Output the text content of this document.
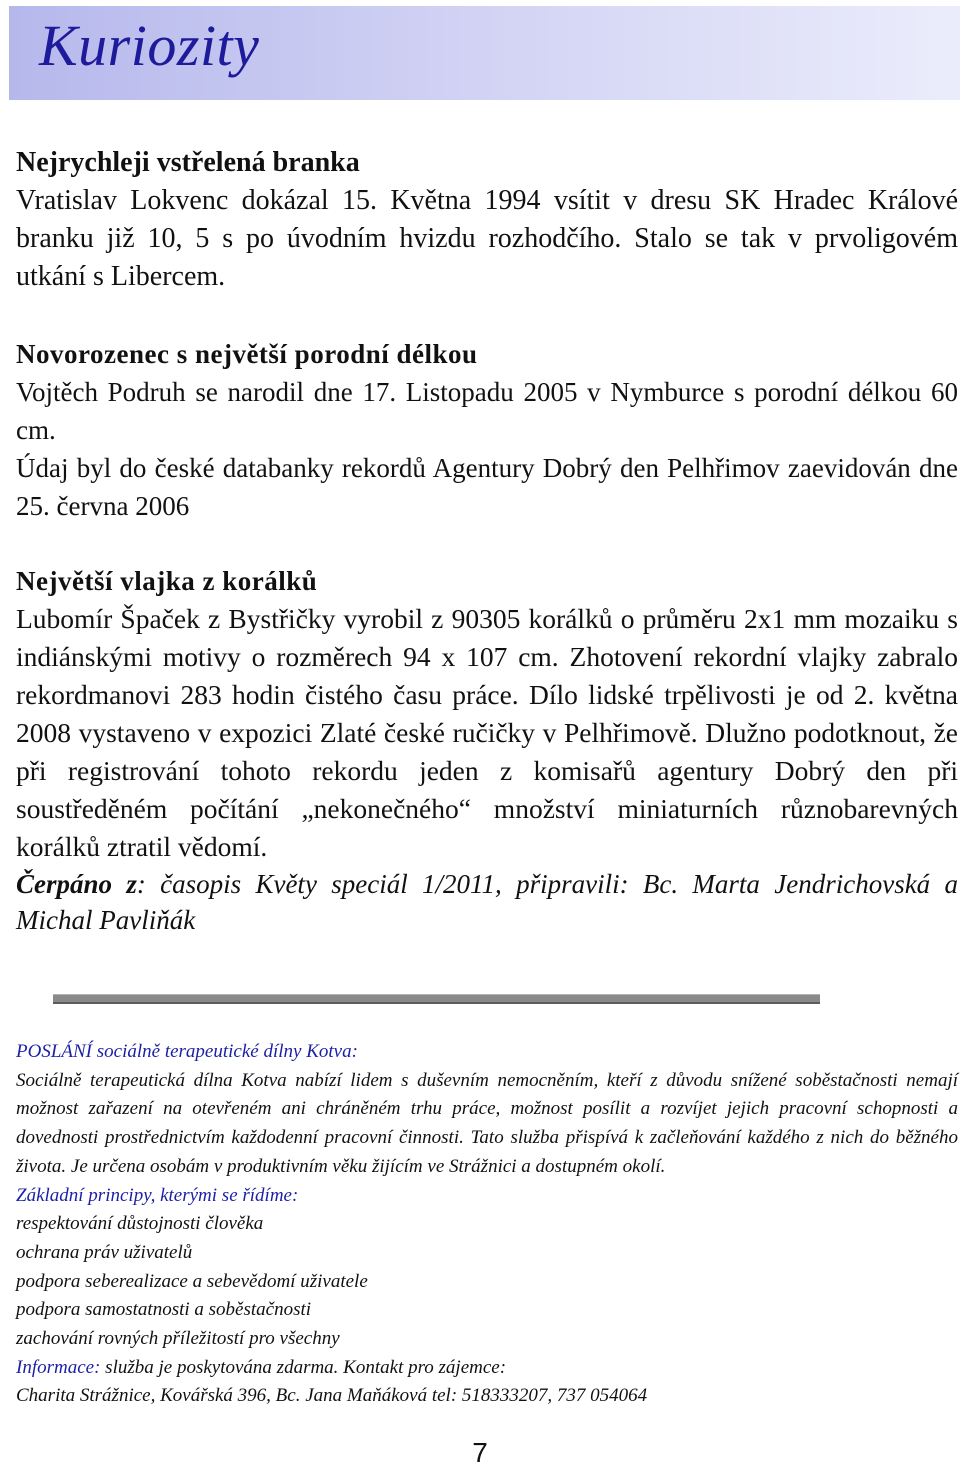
Kuriozity

Nejrychleji vstřelená branka

Vratislav Lokvenc dokázal 15. Května 1994 vsítit v dresu SK Hradec Králové branku již 10, 5 s po úvodním hvizdu rozhodčího. Stalo se tak v prvoligovém utkání s Libercem.

Novorozenec s největší porodní délkou

Vojtěch Podruh se narodil dne 17. Listopadu 2005 v Nymburce s porodní délkou 60 cm.

Údaj byl do české databanky rekordů Agentury Dobrý den Pelhřimov zaevidován dne 25. června 2006

Největší vlajka z korálků

Lubomír Špaček z Bystřičky vyrobil z 90305 korálků o průměru 2x1 mm mozaiku s indiánskými motivy o rozměrech 94 x 107 cm. Zhotovení rekordní vlajky zabralo rekordmanovi 283 hodin čistého času práce. Dílo lidské trpělivosti je od 2. května 2008 vystaveno v expozici Zlaté české ručičky v Pelhřimově. Dlužno podotknout, že při registrování tohoto rekordu jeden z komisařů agentury Dobrý den při soustředěném počítání „nekonečného“ množství miniaturních různobarevných korálků ztratil vědomí.

Čerpáno z: časopis Květy speciál 1/2011, připravili: Bc. Marta Jendrichovská a Michal Pavliňák

POSLÁNÍ sociálně terapeutické dílny Kotva:

Sociálně terapeutická dílna Kotva nabízí lidem s duševním nemocněním, kteří z důvodu snížené soběstačnosti nemají možnost zařazení na otevřeném ani chráněném trhu práce, možnost posílit a rozvíjet jejich pracovní schopnosti a dovednosti prostřednictvím každodenní pracovní činnosti. Tato služba přispívá k začleňování každého z nich do běžného života. Je určena osobám v produktivním věku žijícím ve Strážnici a dostupném okolí.

Základní principy, kterými se řídíme:

respektování důstojnosti člověka

ochrana práv uživatelů

podpora seberealizace a sebevědomí uživatele

podpora samostatnosti a soběstačnosti

zachování rovných příležitostí pro všechny

Informace: služba je poskytována zdarma. Kontakt pro zájemce:

Charita Strážnice, Kovářská 396, Bc. Jana Maňáková tel: 518333207, 737 054064

7
